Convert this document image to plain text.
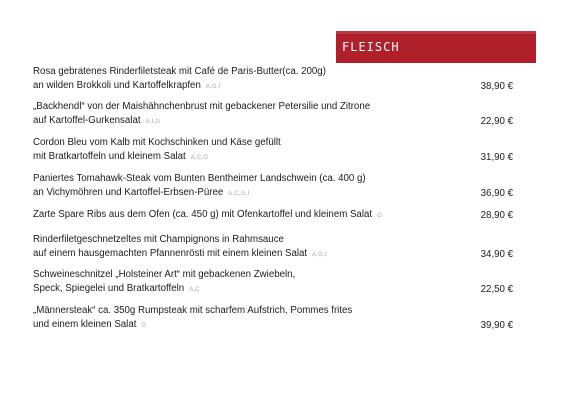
FLEISCH
Rosa gebratenes Rinderfiletsteak mit Café de Paris-Butter(ca. 200g)
an wilden Brokkoli und Kartoffelkrapfen A,G,I	38,90 €
„Backhendl“ von der Maishähnchenbrust mit gebackener Petersilie und Zitrone
auf Kartoffel-Gurkensalat A,I,G	22,90 €
Cordon Bleu vom Kalb mit Kochschinken und Käse gefüllt
mit Bratkartoffeln und kleinem Salat A,C,G	31,90 €
Paniertes Tomahawk-Steak vom Bunten Bentheimer Landschwein (ca. 400 g)
an Vichymöhren und Kartoffel-Erbsen-Püree A,C,G,I	36,90 €
Zarte Spare Ribs aus dem Ofen (ca. 450 g) mit Ofenkartoffel und kleinem Salat G	28,90 €
Rinderfiletgeschnetzeltes mit Champignons in Rahmsauce
auf einem hausgemachten Pfannenrösti mit einem kleinen Salat A,G,I	34,90 €
Schweineschnitzel „Holsteiner Art“ mit gebackenen Zwiebeln,
Speck, Spiegelei und Bratkartoffeln A,C	22,50 €
„Männersteak“ ca. 350g Rumpsteak mit scharfem Aufstrich, Pommes frites
und einem kleinen Salat G	39,90 €
